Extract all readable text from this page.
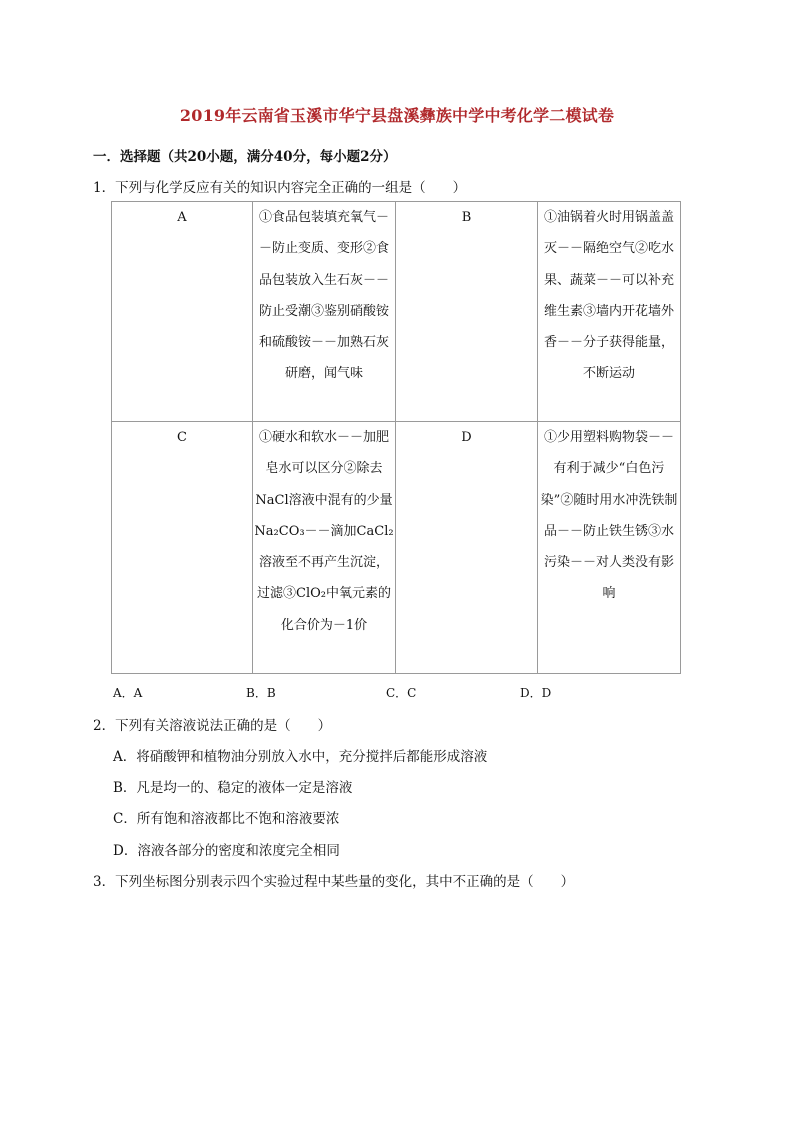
2019年云南省玉溪市华宁县盘溪彝族中学中考化学二模试卷
一．选择题（共20小题，满分40分，每小题2分）
1．下列与化学反应有关的知识内容完全正确的一组是（　　）
A	①食品包装填充氧气－－防止变质、变形②食品包装放入生石灰－－防止受潮③鉴别硝酸铵和硫酸铵－－加熟石灰研磨，闻气味	B	①油锅着火时用锅盖盖灭－－隔绝空气②吃水果、蔬菜－－可以补充维生素③墙内开花墙外香－－分子获得能量，不断运动
C	①硬水和软水－－加肥皂水可以区分②除去NaCl溶液中混有的少量Na₂CO₃－－滴加CaCl₂溶液至不再产生沉淀，过滤③ClO₂中氧元素的化合价为－1价	D	①少用塑料购物袋－－有利于减少“白色污染”②随时用水冲洗铁制品－－防止铁生锈③水污染－－对人类没有影响
A．A	B．B	C．C	D．D
2．下列有关溶液说法正确的是（　　）
A．将硝酸钾和植物油分别放入水中，充分搅拌后都能形成溶液
B．凡是均一的、稳定的液体一定是溶液
C．所有饱和溶液都比不饱和溶液要浓
D．溶液各部分的密度和浓度完全相同
3．下列坐标图分别表示四个实验过程中某些量的变化，其中不正确的是（　　）
